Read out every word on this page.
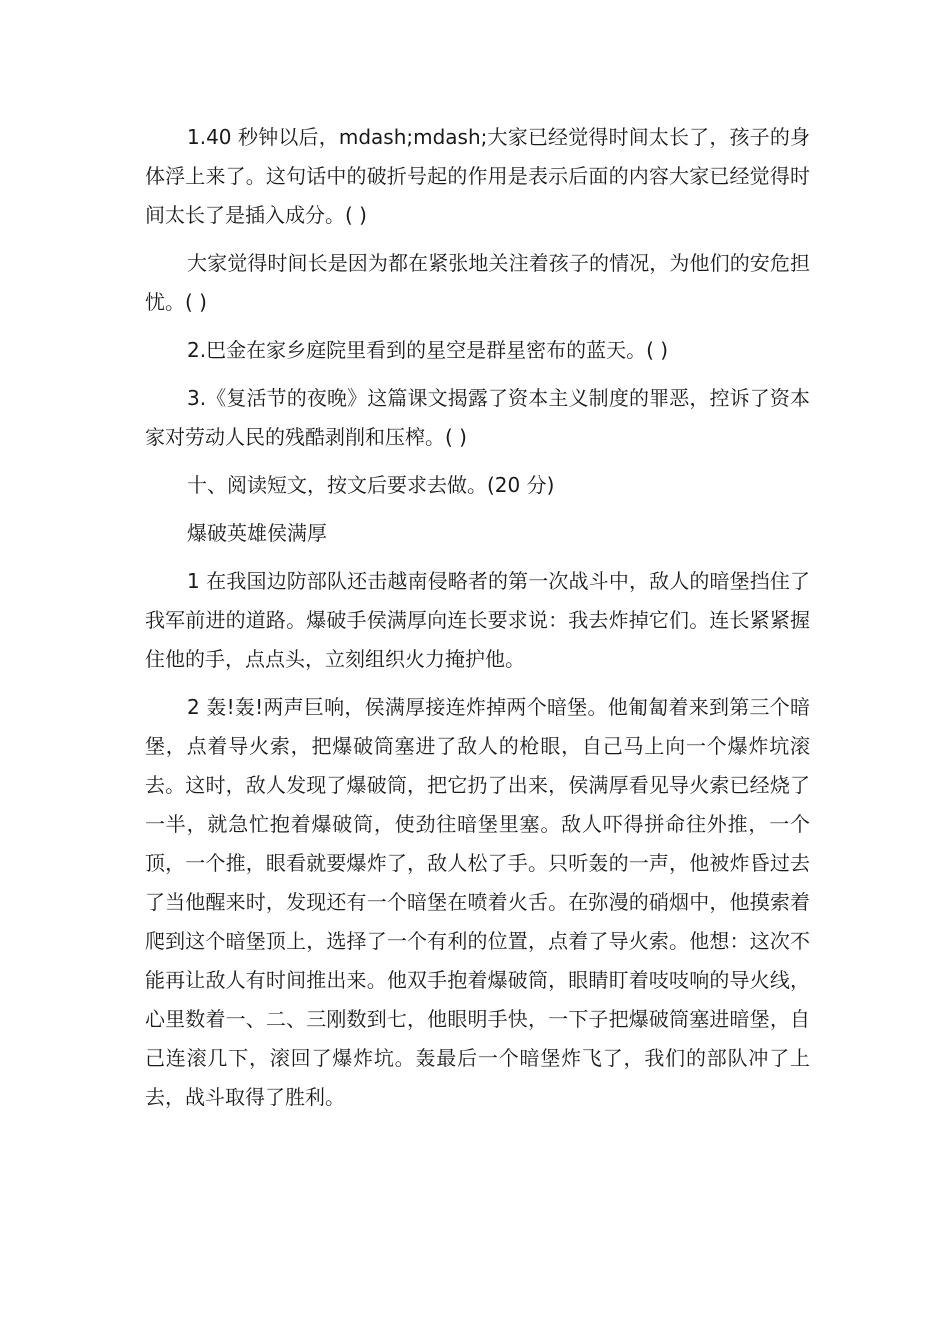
1.40 秒钟以后，mdash;mdash;大家已经觉得时间太长了，孩子的身体浮上来了。这句话中的破折号起的作用是表示后面的内容大家已经觉得时间太长了是插入成分。( )

大家觉得时间长是因为都在紧张地关注着孩子的情况，为他们的安危担忧。( )

2.巴金在家乡庭院里看到的星空是群星密布的蓝天。( )

3.《复活节的夜晚》这篇课文揭露了资本主义制度的罪恶，控诉了资本家对劳动人民的残酷剥削和压榨。( )

十、阅读短文，按文后要求去做。(20 分)

爆破英雄侯满厚

1 在我国边防部队还击越南侵略者的第一次战斗中，敌人的暗堡挡住了我军前进的道路。爆破手侯满厚向连长要求说：我去炸掉它们。连长紧紧握住他的手，点点头，立刻组织火力掩护他。

2 轰!轰!两声巨响，侯满厚接连炸掉两个暗堡。他匍匐着来到第三个暗堡，点着导火索，把爆破筒塞进了敌人的枪眼，自己马上向一个爆炸坑滚去。这时，敌人发现了爆破筒，把它扔了出来，侯满厚看见导火索已经烧了一半，就急忙抱着爆破筒，使劲往暗堡里塞。敌人吓得拼命往外推，一个顶，一个推，眼看就要爆炸了，敌人松了手。只听轰的一声，他被炸昏过去了当他醒来时，发现还有一个暗堡在喷着火舌。在弥漫的硝烟中，他摸索着爬到这个暗堡顶上，选择了一个有利的位置，点着了导火索。他想：这次不能再让敌人有时间推出来。他双手抱着爆破筒，眼睛盯着吱吱响的导火线，心里数着一、二、三刚数到七，他眼明手快，一下子把爆破筒塞进暗堡，自己连滚几下，滚回了爆炸坑。轰最后一个暗堡炸飞了，我们的部队冲了上去，战斗取得了胜利。
